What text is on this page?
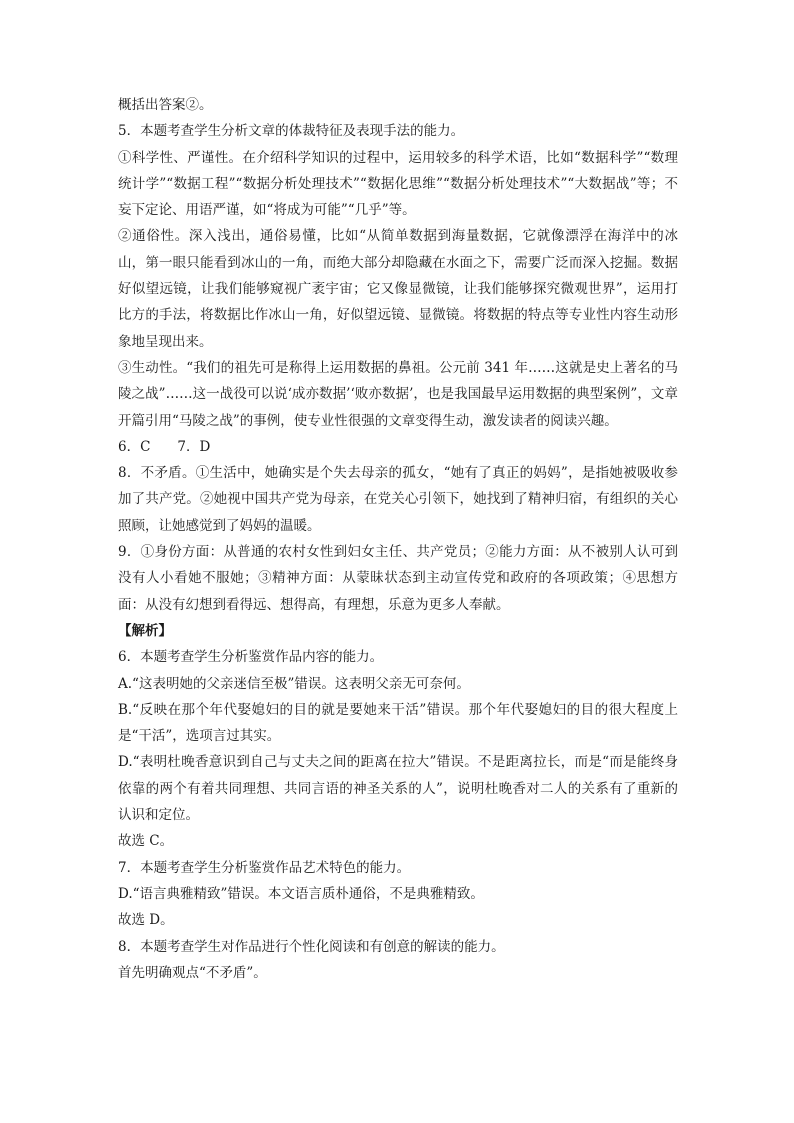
概括出答案②。

5．本题考查学生分析文章的体裁特征及表现手法的能力。

①科学性、严谨性。在介绍科学知识的过程中，运用较多的科学术语，比如“数据科学”“数理统计学”“数据工程”“数据分析处理技术”“数据化思维”“数据分析处理技术”“大数据战”等；不妄下定论、用语严谨，如“将成为可能”“几乎”等。

②通俗性。深入浅出，通俗易懂，比如“从简单数据到海量数据，它就像漂浮在海洋中的冰山，第一眼只能看到冰山的一角，而绝大部分却隐藏在水面之下，需要广泛而深入挖掘。数据好似望远镜，让我们能够窥视广袤宇宙；它又像显微镜，让我们能够探究微观世界”，运用打比方的手法，将数据比作冰山一角，好似望远镜、显微镜。将数据的特点等专业性内容生动形象地呈现出来。

③生动性。“我们的祖先可是称得上运用数据的鼻祖。公元前 341 年……这就是史上著名的马陵之战”……这一战役可以说‘成亦数据’‘败亦数据’，也是我国最早运用数据的典型案例”，文章开篇引用“马陵之战”的事例，使专业性很强的文章变得生动，激发读者的阅读兴趣。

6．C　　7．D

8．不矛盾。①生活中，她确实是个失去母亲的孤女，“她有了真正的妈妈”，是指她被吸收参加了共产党。②她视中国共产党为母亲，在党关心引领下，她找到了精神归宿，有组织的关心照顾，让她感觉到了妈妈的温暖。

9．①身份方面：从普通的农村女性到妇女主任、共产党员；②能力方面：从不被别人认可到没有人小看她不服她；③精神方面：从蒙昧状态到主动宣传党和政府的各项政策；④思想方面：从没有幻想到看得远、想得高，有理想，乐意为更多人奉献。

【解析】

6．本题考查学生分析鉴赏作品内容的能力。

A.“这表明她的父亲迷信至极”错误。这表明父亲无可奈何。

B.“反映在那个年代娶媳妇的目的就是要她来干活”错误。那个年代娶媳妇的目的很大程度上是“干活”，选项言过其实。

D.“表明杜晚香意识到自己与丈夫之间的距离在拉大”错误。不是距离拉长，而是“而是能终身依靠的两个有着共同理想、共同言语的神圣关系的人”，说明杜晚香对二人的关系有了重新的认识和定位。

故选 C。

7．本题考查学生分析鉴赏作品艺术特色的能力。

D.“语言典雅精致”错误。本文语言质朴通俗，不是典雅精致。

故选 D。

8．本题考查学生对作品进行个性化阅读和有创意的解读的能力。

首先明确观点“不矛盾”。
